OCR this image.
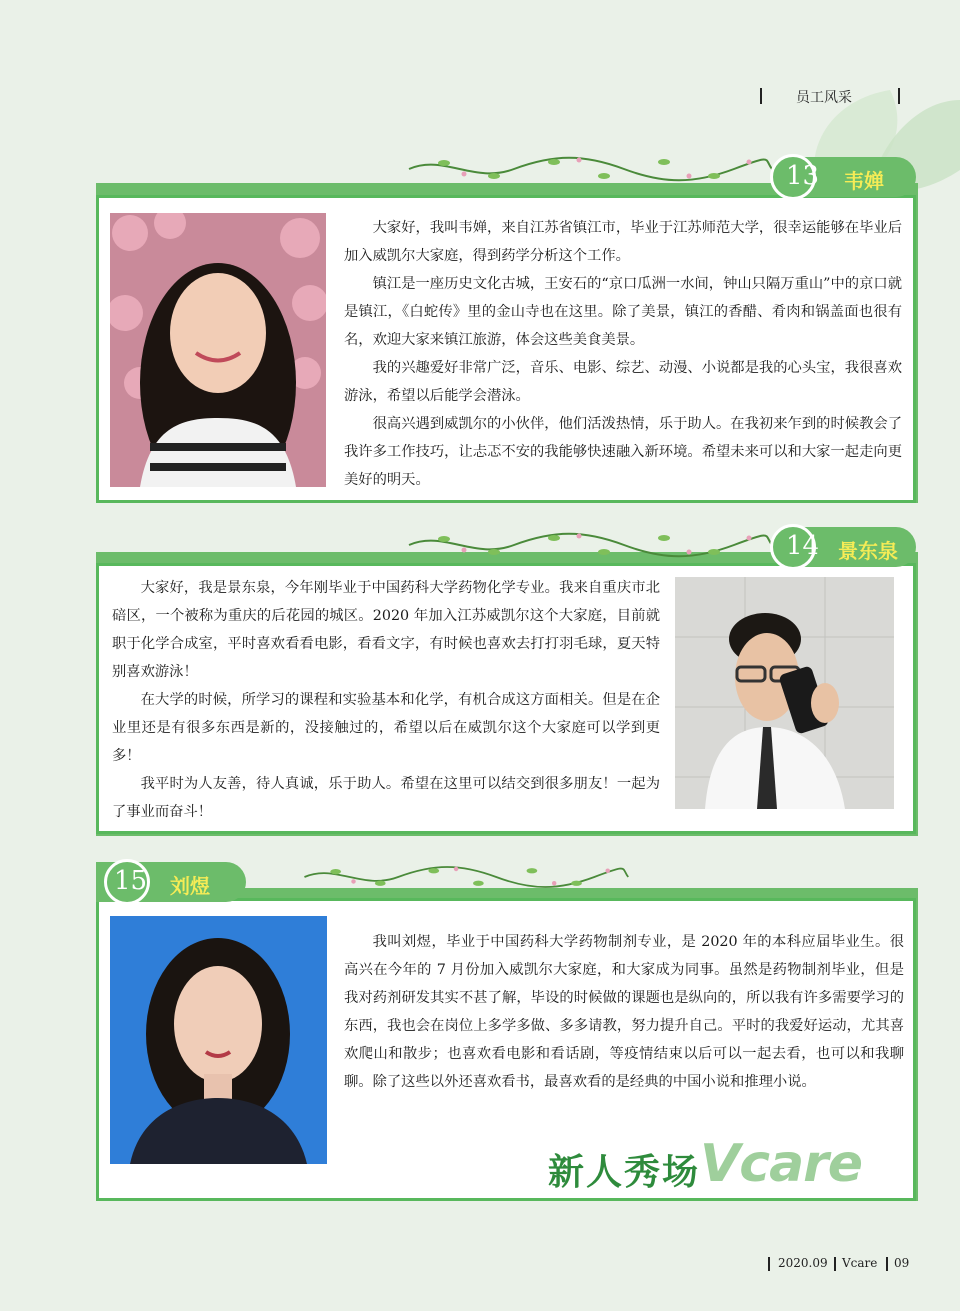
员工风采
13 韦婵

大家好，我叫韦婵，来自江苏省镇江市，毕业于江苏师范大学，很幸运能够在毕业后加入威凯尔大家庭，得到药学分析这个工作。

镇江是一座历史文化古城，王安石的“京口瓜洲一水间，钟山只隔万重山”中的京口就是镇江，《白蛇传》里的金山寺也在这里。除了美景，镇江的香醋、肴肉和锅盖面也很有名，欢迎大家来镇江旅游，体会这些美食美景。

我的兴趣爱好非常广泛，音乐、电影、综艺、动漫、小说都是我的心头宝，我很喜欢游泳，希望以后能学会潜泳。

很高兴遇到威凯尔的小伙伴，他们活泼热情，乐于助人。在我初来乍到的时候教会了我许多工作技巧，让忐忑不安的我能够快速融入新环境。希望未来可以和大家一起走向更美好的明天。

14 景东泉

大家好，我是景东泉，今年刚毕业于中国药科大学药物化学专业。我来自重庆市北碚区，一个被称为重庆的后花园的城区。2020 年加入江苏威凯尔这个大家庭，目前就职于化学合成室，平时喜欢看看电影，看看文字，有时候也喜欢去打打羽毛球，夏天特别喜欢游泳！

在大学的时候，所学习的课程和实验基本和化学，有机合成这方面相关。但是在企业里还是有很多东西是新的，没接触过的，希望以后在威凯尔这个大家庭可以学到更多！

我平时为人友善，待人真诚，乐于助人。希望在这里可以结交到很多朋友！一起为了事业而奋斗！

15 刘煜

我叫刘煜，毕业于中国药科大学药物制剂专业，是 2020 年的本科应届毕业生。很高兴在今年的 7 月份加入威凯尔大家庭，和大家成为同事。虽然是药物制剂毕业，但是我对药剂研发其实不甚了解，毕设的时候做的课题也是纵向的，所以我有许多需要学习的东西，我也会在岗位上多学多做、多多请教，努力提升自己。平时的我爱好运动，尤其喜欢爬山和散步；也喜欢看电影和看话剧，等疫情结束以后可以一起去看，也可以和我聊聊。除了这些以外还喜欢看书，最喜欢看的是经典的中国小说和推理小说。

新人秀场 Vcare
2020.09 Vcare 09
